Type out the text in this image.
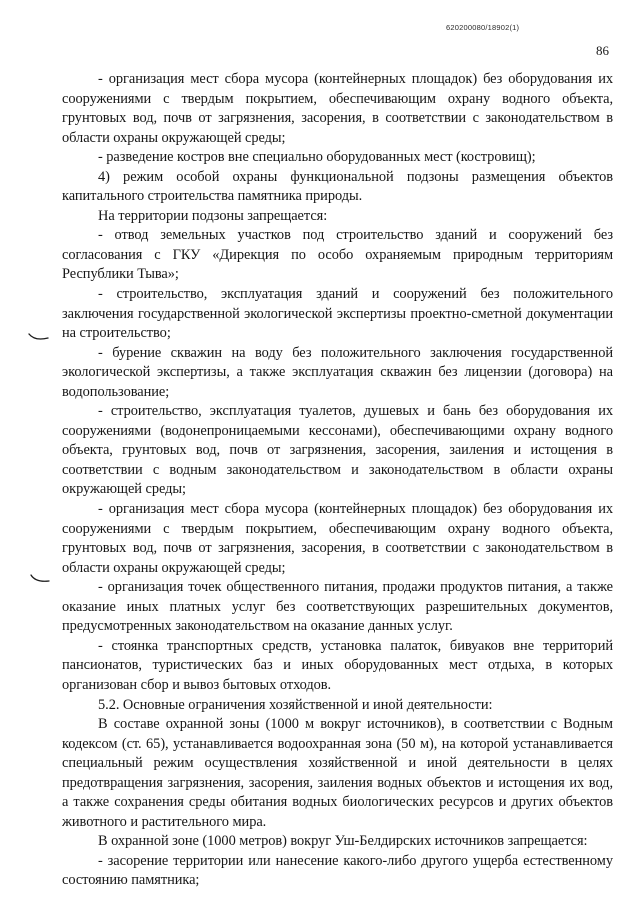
620200080/18902(1)
86

- организация мест сбора мусора (контейнерных площадок) без оборудования их сооружениями с твердым покрытием, обеспечивающим охрану водного объекта, грунтовых вод, почв от загрязнения, засорения, в соответствии с законодательством в области охраны окружающей среды;

- разведение костров вне специально оборудованных мест (костровищ);

4) режим особой охраны функциональной подзоны размещения объектов капитального строительства памятника природы.

На территории подзоны запрещается:

- отвод земельных участков под строительство зданий и сооружений без согласования с ГКУ «Дирекция по особо охраняемым природным территориям Республики Тыва»;

- строительство, эксплуатация зданий и сооружений без положительного заключения государственной экологической экспертизы проектно-сметной документации на строительство;

- бурение скважин на воду без положительного заключения государственной экологической экспертизы, а также эксплуатация скважин без лицензии (договора) на водопользование;

- строительство, эксплуатация туалетов, душевых и бань без оборудования их сооружениями (водонепроницаемыми кессонами), обеспечивающими охрану водного объекта, грунтовых вод, почв от загрязнения, засорения, заиления и истощения в соответствии с водным законодательством и законодательством в области охраны окружающей среды;

- организация мест сбора мусора (контейнерных площадок) без оборудования их сооружениями с твердым покрытием, обеспечивающим охрану водного объекта, грунтовых вод, почв от загрязнения, засорения, в соответствии с законодательством в области охраны окружающей среды;

- организация точек общественного питания, продажи продуктов питания, а также оказание иных платных услуг без соответствующих разрешительных документов, предусмотренных законодательством на оказание данных услуг.

- стоянка транспортных средств, установка палаток, бивуаков вне территорий пансионатов, туристических баз и иных оборудованных мест отдыха, в которых организован сбор и вывоз бытовых отходов.

5.2. Основные ограничения хозяйственной и иной деятельности:

В составе охранной зоны (1000 м вокруг источников), в соответствии с Водным кодексом (ст. 65), устанавливается водоохранная зона (50 м), на которой устанавливается специальный режим осуществления хозяйственной и иной деятельности в целях предотвращения загрязнения, засорения, заиления водных объектов и истощения их вод, а также сохранения среды обитания водных биологических ресурсов и других объектов животного и растительного мира.

В охранной зоне (1000 метров) вокруг Уш-Белдирских источников запрещается:

- засорение территории или нанесение какого-либо другого ущерба естественному состоянию памятника;
